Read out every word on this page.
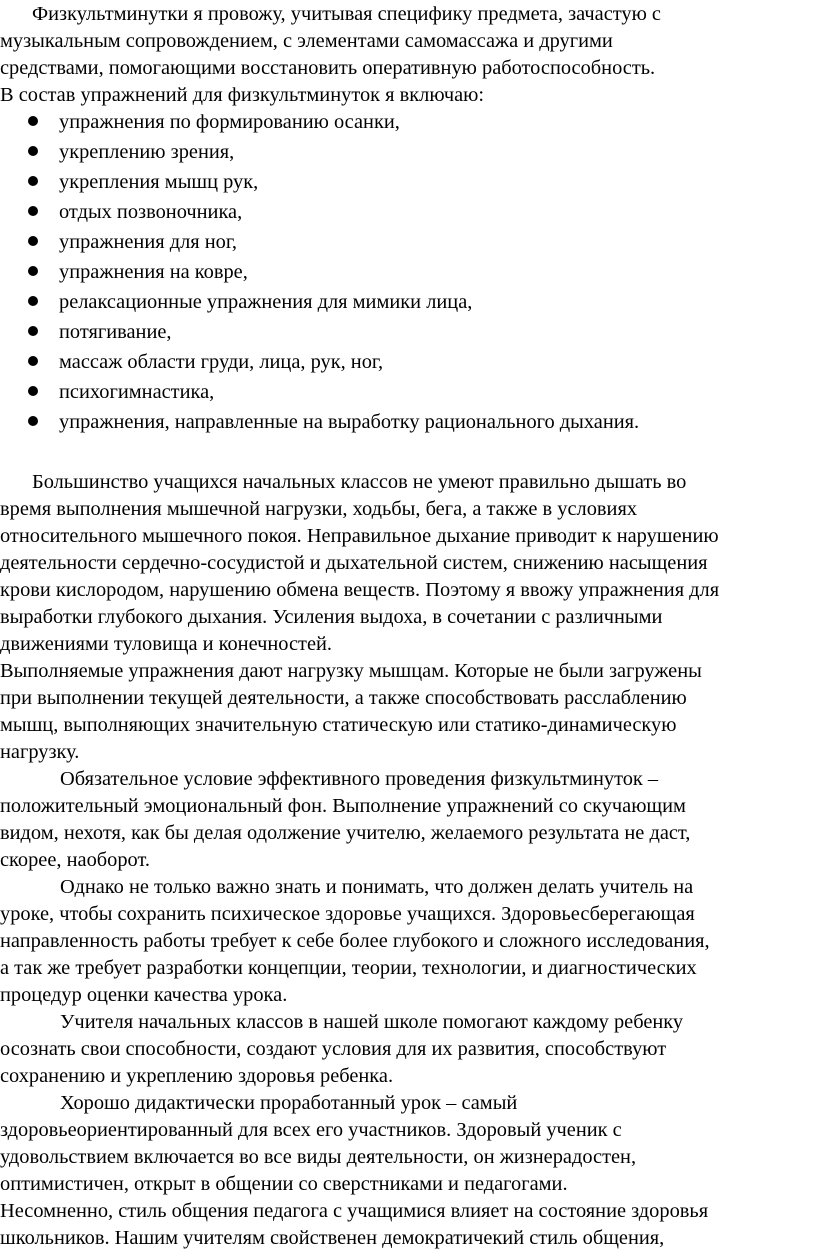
Физкультминутки я провожу, учитывая специфику предмета, зачастую с
музыкальным сопровождением, с элементами самомассажа и другими
средствами, помогающими восстановить оперативную работоспособность.
В состав упражнений для физкультминуток я включаю:
упражнения по формированию осанки,
укреплению зрения,
укрепления мышц рук,
отдых позвоночника,
упражнения для ног,
упражнения на ковре,
релаксационные упражнения для мимики лица,
потягивание,
массаж области груди, лица, рук, ног,
психогимнастика,
упражнения, направленные на выработку рационального дыхания.
Большинство учащихся начальных классов не умеют правильно дышать во
время выполнения мышечной нагрузки, ходьбы, бега, а также в условиях
относительного мышечного покоя. Неправильное дыхание приводит к нарушению
деятельности сердечно-сосудистой и дыхательной систем, снижению насыщения
крови кислородом, нарушению обмена веществ. Поэтому я ввожу упражнения для
выработки глубокого дыхания. Усиления выдоха, в сочетании с различными
движениями туловища и конечностей.
Выполняемые упражнения дают нагрузку мышцам. Которые не были загружены
при выполнении текущей деятельности, а также способствовать расслаблению
мышц, выполняющих значительную статическую или статико-динамическую
нагрузку.
Обязательное условие эффективного проведения физкультминуток –
положительный эмоциональный фон. Выполнение упражнений со скучающим
видом, нехотя, как бы делая одолжение учителю, желаемого результата не даст,
скорее, наоборот.
Однако не только важно знать и понимать, что должен делать учитель на
уроке, чтобы сохранить психическое здоровье учащихся. Здоровьесберегающая
направленность работы требует к себе более глубокого и сложного исследования,
а так же требует разработки концепции, теории, технологии, и диагностических
процедур оценки качества урока.
Учителя начальных классов в нашей школе помогают каждому ребенку
осознать свои способности, создают условия для их развития, способствуют
сохранению и укреплению здоровья ребенка.
Хорошо дидактически проработанный урок – самый
здоровьеориентированный для всех его участников. Здоровый ученик с
удовольствием включается во все виды деятельности, он жизнерадостен,
оптимистичен, открыт в общении со сверстниками и педагогами.
Несомненно, стиль общения педагога с учащимися влияет на состояние здоровья
школьников. Нашим учителям свойственен демократичекий стиль общения,
